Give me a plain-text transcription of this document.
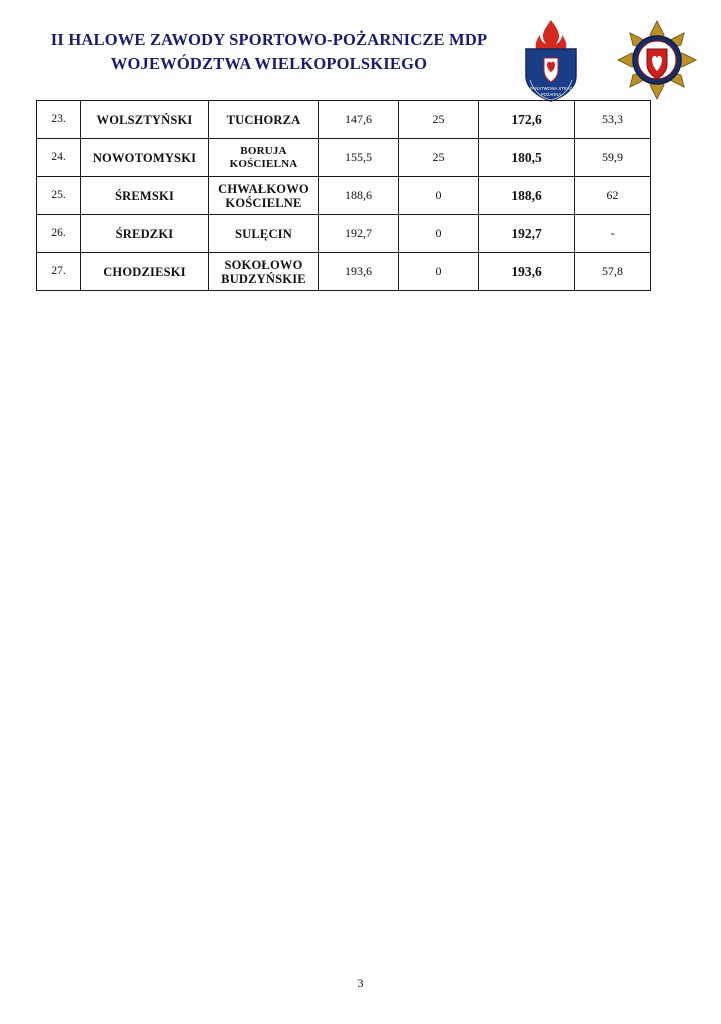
II HALOWE ZAWODY SPORTOWO-POŻARNICZE MDP
WOJEWÓDZTWA WIELKOPOLSKIEGO
PAŃSTWOWA STRAŻ
POŻARNA
23.	WOLSZTYŃSKI	TUCHORZA	147,6	25	172,6	53,3
24.	NOWOTOMYSKI	BORUJA KOŚCIELNA	155,5	25	180,5	59,9
25.	ŚREMSKI	CHWAŁKOWO KOŚCIELNE	188,6	0	188,6	62
26.	ŚREDZKI	SULĘCIN	192,7	0	192,7	-
27.	CHODZIESKI	SOKOŁOWO BUDZYŃSKIE	193,6	0	193,6	57,8
3
